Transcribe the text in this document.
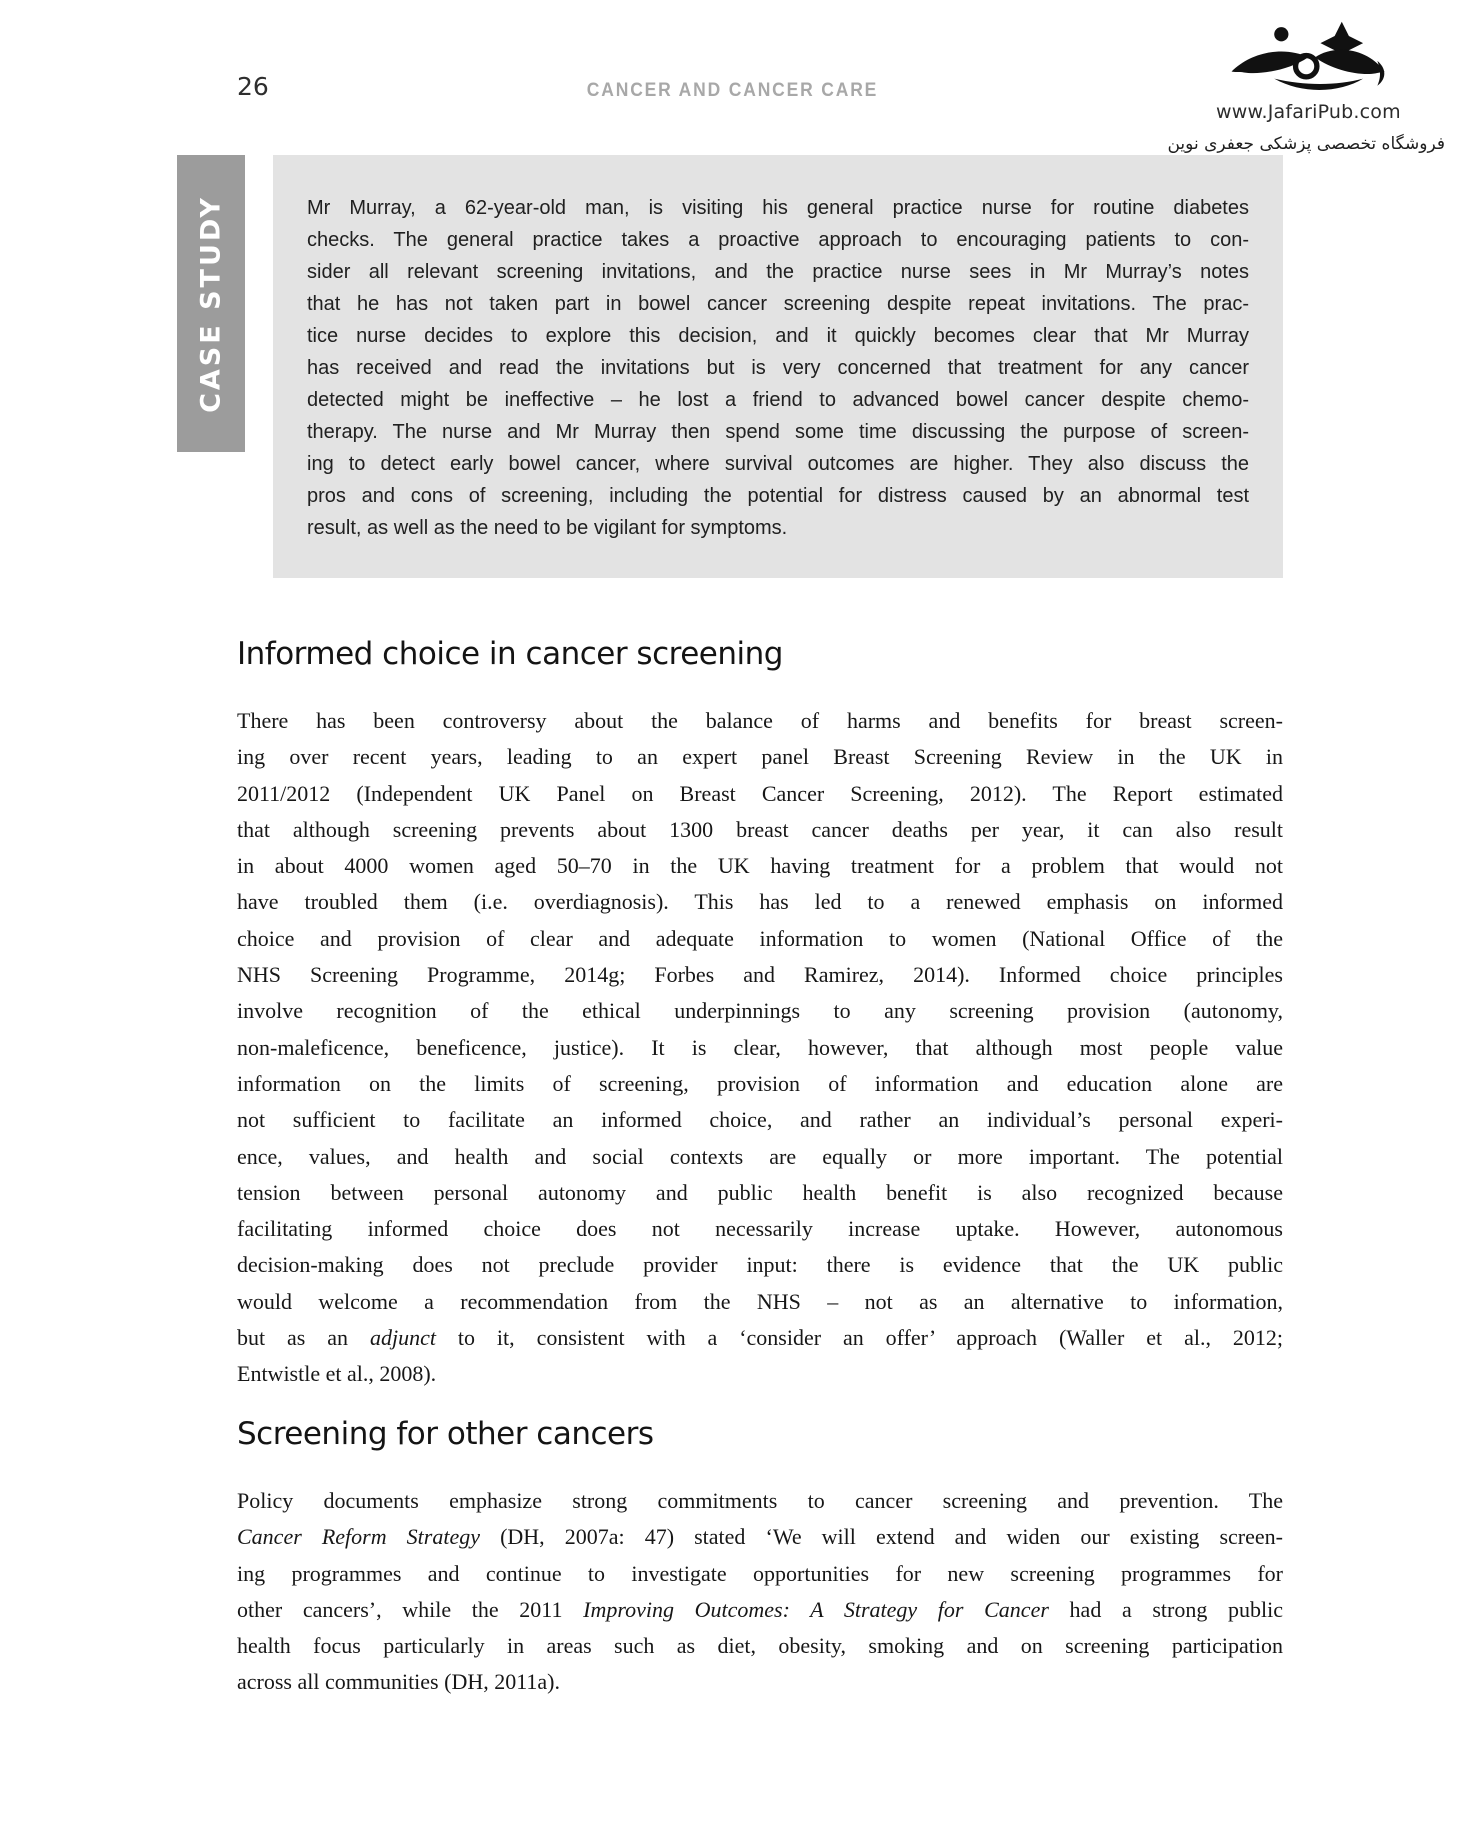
26	CANCER AND CANCER CARE
www.JafariPub.com
فروشگاه تخصصی پزشکی جعفری نوین
CASE STUDY	Mr Murray, a 62-year-old man, is visiting his general practice nurse for routine diabetes
checks. The general practice takes a proactive approach to encouraging patients to con-
sider all relevant screening invitations, and the practice nurse sees in Mr Murray’s notes
that he has not taken part in bowel cancer screening despite repeat invitations. The prac-
tice nurse decides to explore this decision, and it quickly becomes clear that Mr Murray
has received and read the invitations but is very concerned that treatment for any cancer
detected might be ineffective – he lost a friend to advanced bowel cancer despite chemo-
therapy. The nurse and Mr Murray then spend some time discussing the purpose of screen-
ing to detect early bowel cancer, where survival outcomes are higher. They also discuss the
pros and cons of screening, including the potential for distress caused by an abnormal test
result, as well as the need to be vigilant for symptoms.
Informed choice in cancer screening
There has been controversy about the balance of harms and benefits for breast screen-
ing over recent years, leading to an expert panel Breast Screening Review in the UK in
2011/2012 (Independent UK Panel on Breast Cancer Screening, 2012). The Report estimated
that although screening prevents about 1300 breast cancer deaths per year, it can also result
in about 4000 women aged 50–70 in the UK having treatment for a problem that would not
have troubled them (i.e. overdiagnosis). This has led to a renewed emphasis on informed
choice and provision of clear and adequate information to women (National Office of the
NHS Screening Programme, 2014g; Forbes and Ramirez, 2014). Informed choice principles
involve recognition of the ethical underpinnings to any screening provision (autonomy,
non-maleficence, beneficence, justice). It is clear, however, that although most people value
information on the limits of screening, provision of information and education alone are
not sufficient to facilitate an informed choice, and rather an individual’s personal experi-
ence, values, and health and social contexts are equally or more important. The potential
tension between personal autonomy and public health benefit is also recognized because
facilitating informed choice does not necessarily increase uptake. However, autonomous
decision-making does not preclude provider input: there is evidence that the UK public
would welcome a recommendation from the NHS – not as an alternative to information,
but as an adjunct to it, consistent with a ‘consider an offer’ approach (Waller et al., 2012;
Entwistle et al., 2008).
Screening for other cancers
Policy documents emphasize strong commitments to cancer screening and prevention. The
Cancer Reform Strategy (DH, 2007a: 47) stated ‘We will extend and widen our existing screen-
ing programmes and continue to investigate opportunities for new screening programmes for
other cancers’, while the 2011 Improving Outcomes: A Strategy for Cancer had a strong public
health focus particularly in areas such as diet, obesity, smoking and on screening participation
across all communities (DH, 2011a).
